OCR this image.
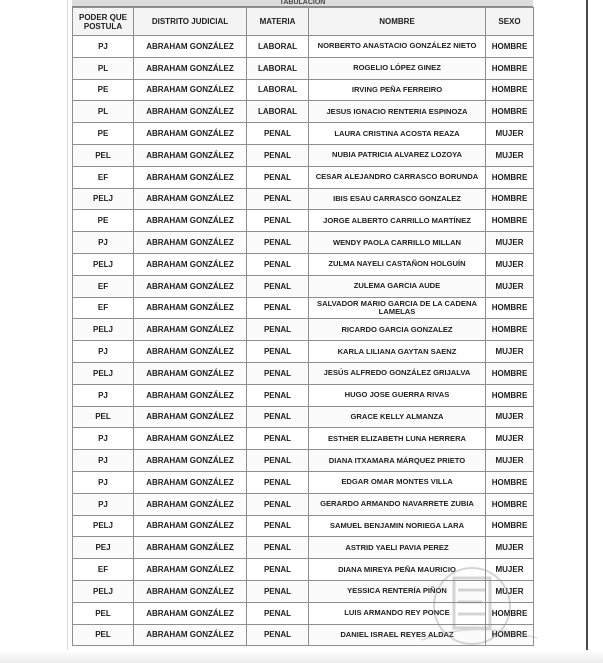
TABULACION
PODER QUE POSTULA	DISTRITO JUDICIAL	MATERIA	NOMBRE	SEXO
PJ	ABRAHAM GONZÁLEZ	LABORAL	NORBERTO ANASTACIO GONZÁLEZ NIETO	HOMBRE
PL	ABRAHAM GONZÁLEZ	LABORAL	ROGELIO LÓPEZ GINEZ	HOMBRE
PE	ABRAHAM GONZÁLEZ	LABORAL	IRVING PEÑA FERREIRO	HOMBRE
PL	ABRAHAM GONZÁLEZ	LABORAL	JESUS IGNACIO RENTERIA ESPINOZA	HOMBRE
PE	ABRAHAM GONZÁLEZ	PENAL	LAURA CRISTINA ACOSTA REAZA	MUJER
PEL	ABRAHAM GONZÁLEZ	PENAL	NUBIA PATRICIA ALVAREZ LOZOYA	MUJER
EF	ABRAHAM GONZÁLEZ	PENAL	CESAR ALEJANDRO CARRASCO BORUNDA	HOMBRE
PELJ	ABRAHAM GONZÁLEZ	PENAL	IBIS ESAU CARRASCO GONZALEZ	HOMBRE
PE	ABRAHAM GONZÁLEZ	PENAL	JORGE ALBERTO CARRILLO MARTÍNEZ	HOMBRE
PJ	ABRAHAM GONZÁLEZ	PENAL	WENDY PAOLA CARRILLO MILLAN	MUJER
PELJ	ABRAHAM GONZÁLEZ	PENAL	ZULMA NAYELI CASTAÑON HOLGUÍN	MUJER
EF	ABRAHAM GONZÁLEZ	PENAL	ZULEMA GARCIA AUDE	MUJER
EF	ABRAHAM GONZÁLEZ	PENAL	SALVADOR MARIO GARCIA DE LA CADENA LAMELAS	HOMBRE
PELJ	ABRAHAM GONZÁLEZ	PENAL	RICARDO GARCIA GONZALEZ	HOMBRE
PJ	ABRAHAM GONZÁLEZ	PENAL	KARLA LILIANA GAYTAN SAENZ	MUJER
PELJ	ABRAHAM GONZÁLEZ	PENAL	JESÚS ALFREDO GONZÁLEZ GRIJALVA	HOMBRE
PJ	ABRAHAM GONZÁLEZ	PENAL	HUGO JOSE GUERRA RIVAS	HOMBRE
PEL	ABRAHAM GONZÁLEZ	PENAL	GRACE KELLY ALMANZA	MUJER
PJ	ABRAHAM GONZÁLEZ	PENAL	ESTHER ELIZABETH LUNA HERRERA	MUJER
PJ	ABRAHAM GONZÁLEZ	PENAL	DIANA ITXAMARA MÁRQUEZ PRIETO	MUJER
PJ	ABRAHAM GONZÁLEZ	PENAL	EDGAR OMAR MONTES VILLA	HOMBRE
PJ	ABRAHAM GONZÁLEZ	PENAL	GERARDO ARMANDO NAVARRETE ZUBIA	HOMBRE
PELJ	ABRAHAM GONZÁLEZ	PENAL	SAMUEL BENJAMIN NORIEGA LARA	HOMBRE
PEJ	ABRAHAM GONZÁLEZ	PENAL	ASTRID YAELI PAVIA PEREZ	MUJER
EF	ABRAHAM GONZÁLEZ	PENAL	DIANA MIREYA PEÑA MAURICIO	MUJER
PELJ	ABRAHAM GONZÁLEZ	PENAL	YESSICA RENTERÍA PIÑON	MUJER
PEL	ABRAHAM GONZÁLEZ	PENAL	LUIS ARMANDO REY PONCE	HOMBRE
PEL	ABRAHAM GONZÁLEZ	PENAL	DANIEL ISRAEL REYES ALDAZ	HOMBRE
